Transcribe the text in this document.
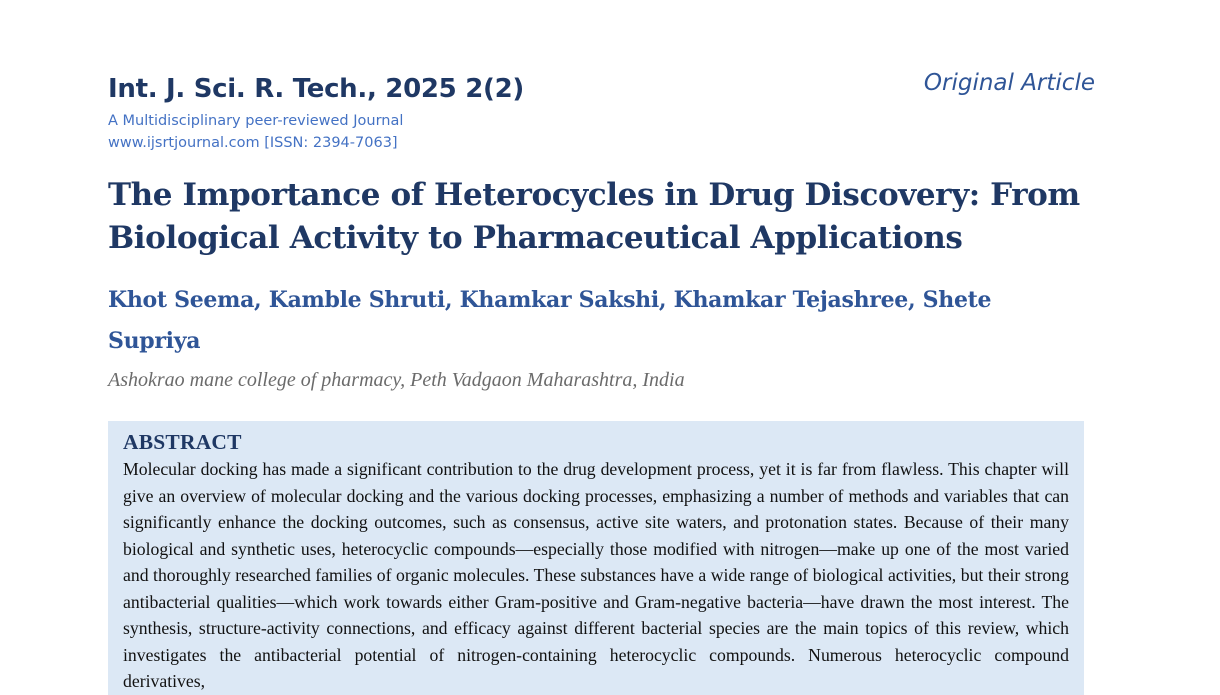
Int. J. Sci. R. Tech., 2025 2(2)	Original Article
A Multidisciplinary peer-reviewed Journal
www.ijsrtjournal.com [ISSN: 2394-7063]
The Importance of Heterocycles in Drug Discovery: From Biological Activity to Pharmaceutical Applications
Khot Seema, Kamble Shruti, Khamkar Sakshi, Khamkar Tejashree, Shete Supriya
Ashokrao mane college of pharmacy, Peth Vadgaon Maharashtra, India
ABSTRACT
Molecular docking has made a significant contribution to the drug development process, yet it is far from flawless. This chapter will give an overview of molecular docking and the various docking processes, emphasizing a number of methods and variables that can significantly enhance the docking outcomes, such as consensus, active site waters, and protonation states. Because of their many biological and synthetic uses, heterocyclic compounds—especially those modified with nitrogen—make up one of the most varied and thoroughly researched families of organic molecules. These substances have a wide range of biological activities, but their strong antibacterial qualities—which work towards either Gram-positive and Gram-negative bacteria—have drawn the most interest. The synthesis, structure-activity connections, and efficacy against different bacterial species are the main topics of this review, which investigates the antibacterial potential of nitrogen-containing heterocyclic compounds. Numerous heterocyclic compound derivatives,
